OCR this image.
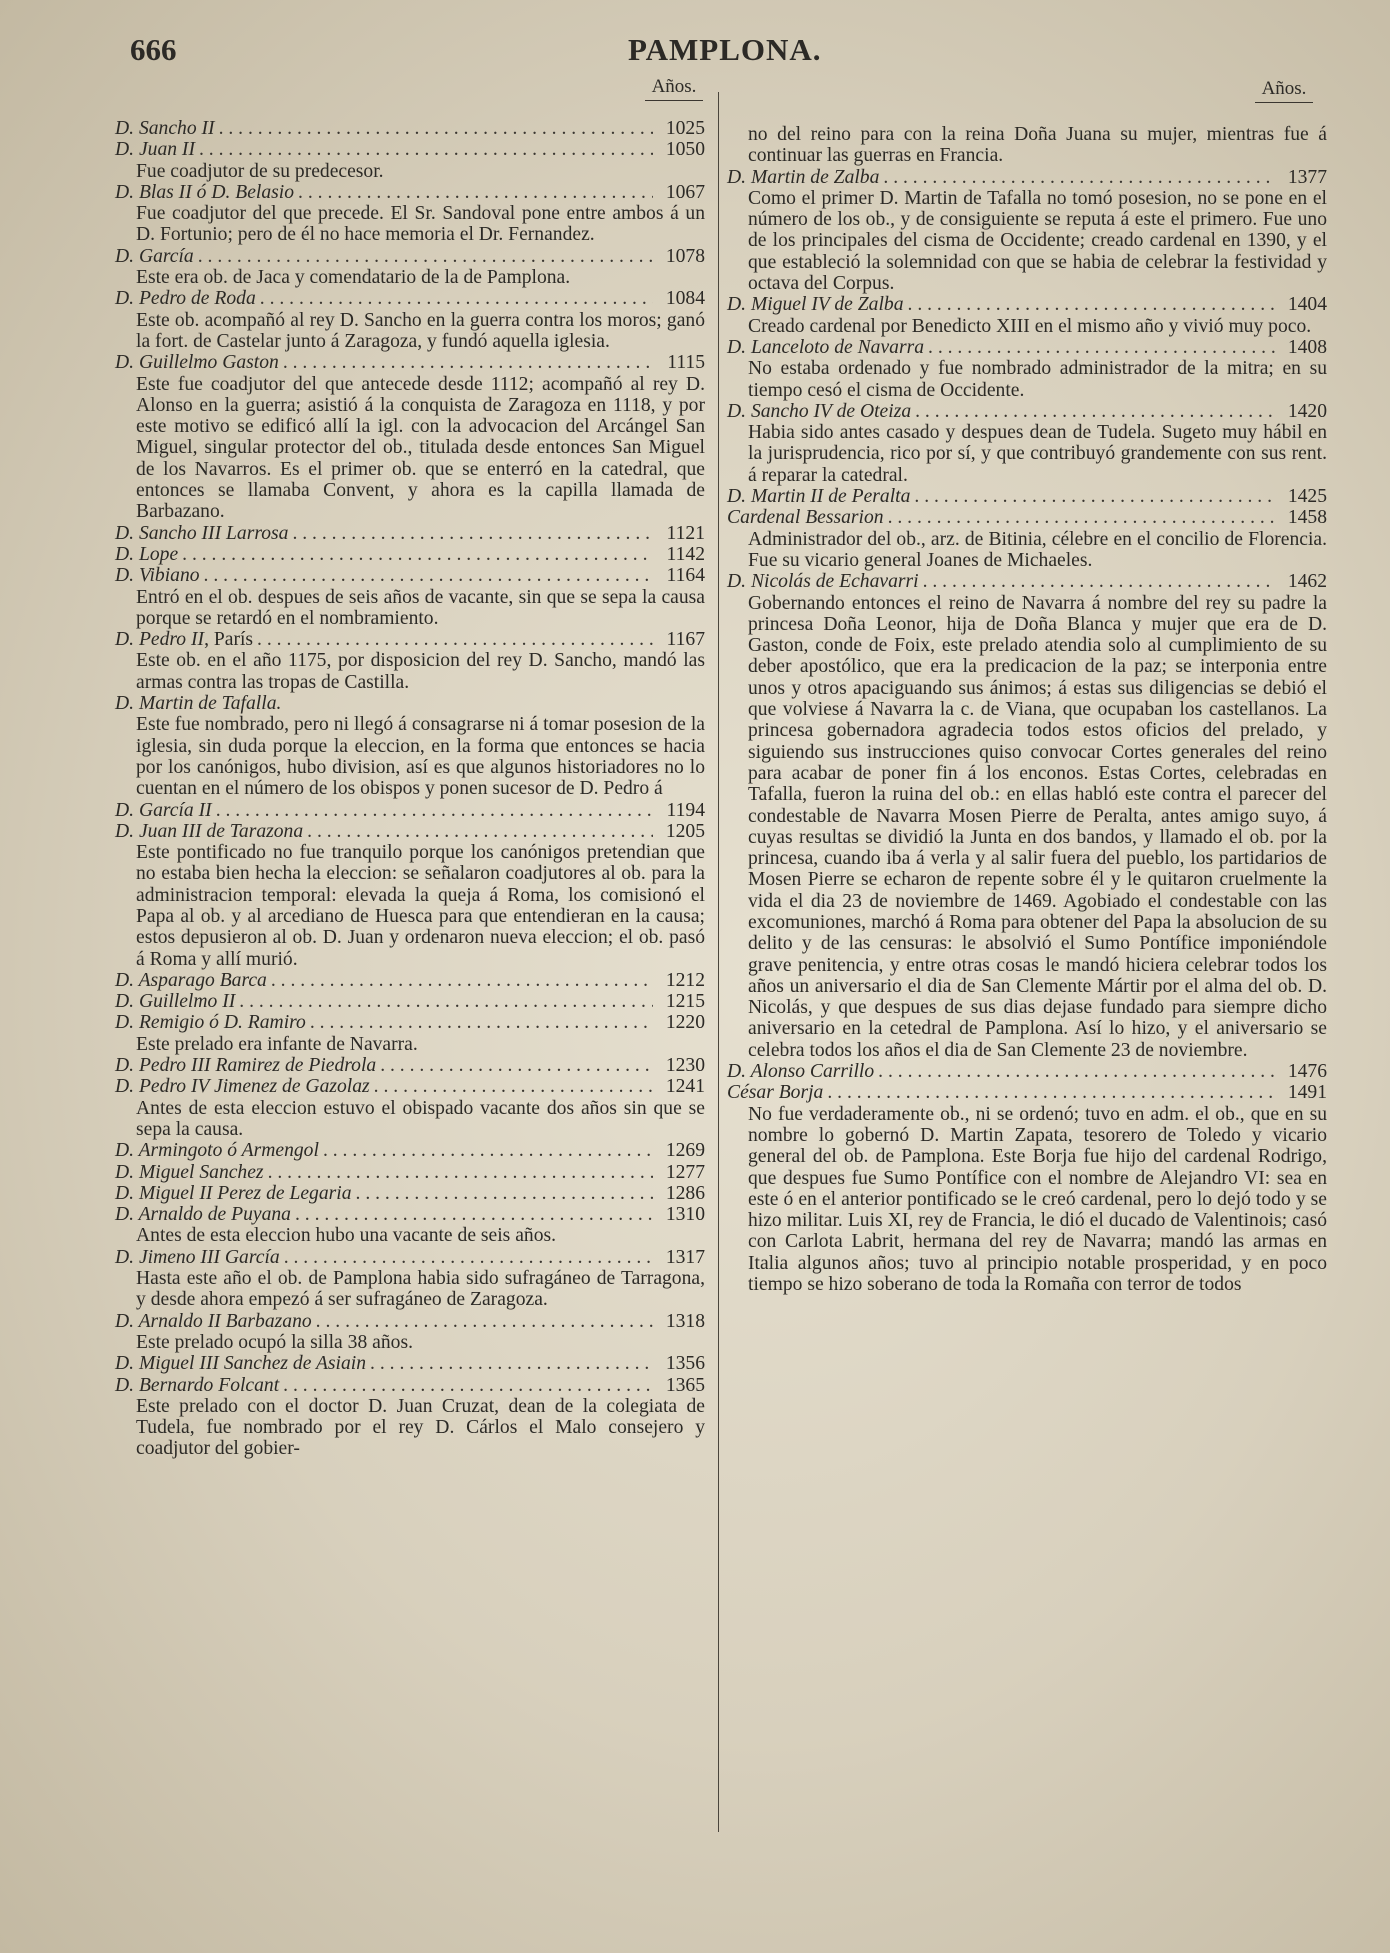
666	PAMPLONA.
Años.	Años.
D. Sancho II . . .	1025
D. Juan II . . .	1050

Fue coadjutor de su predecesor.

D. Blas II ó D. Belasio . . .	1067

Fue coadjutor del que precede. El Sr. Sandoval pone entre ambos á un D. Fortunio; pero de él no hace memoria el Dr. Fernandez.

D. García . . .	1078

Este era ob. de Jaca y comendatario de la de Pamplona.

D. Pedro de Roda . . .	1084

Este ob. acompañó al rey D. Sancho en la guerra contra los moros; ganó la fort. de Castelar junto á Zaragoza, y fundó aquella iglesia.

D. Guillelmo Gaston . . .	1115

Este fue coadjutor del que antecede desde 1112; acompañó al rey D. Alonso en la guerra; asistió á la conquista de Zaragoza en 1118, y por este motivo se edificó allí la igl. con la advocacion del Arcángel San Miguel, singular protector del ob., titulada desde entonces San Miguel de los Navarros. Es el primer ob. que se enterró en la catedral, que entonces se llamaba Convent, y ahora es la capilla llamada de Barbazano.

D. Sancho III Larrosa . . .	1121
D. Lope . . .	1142
D. Vibiano . . .	1164

Entró en el ob. despues de seis años de vacante, sin que se sepa la causa porque se retardó en el nombramiento.

D. Pedro II , París . . .	1167

Este ob. en el año 1175, por disposicion del rey D. Sancho, mandó las armas contra las tropas de Castilla.

D. Martin de Tafalla.

Este fue nombrado, pero ni llegó á consagrarse ni á tomar posesion de la iglesia, sin duda porque la eleccion, en la forma que entonces se hacia por los canónigos, hubo division, así es que algunos historiadores no lo cuentan en el número de los obispos y ponen sucesor de D. Pedro á

D. García II . . .	1194
D. Juan III de Tarazona . . .	1205

Este pontificado no fue tranquilo porque los canónigos pretendian que no estaba bien hecha la eleccion: se señalaron coadjutores al ob. para la administracion temporal: elevada la queja á Roma, los comisionó el Papa al ob. y al arcediano de Huesca para que entendieran en la causa; estos depusieron al ob. D. Juan y ordenaron nueva eleccion; el ob. pasó á Roma y allí murió.

D. Asparago Barca . . .	1212
D. Guillelmo II . . .	1215
D. Remigio ó D. Ramiro . . .	1220

Este prelado era infante de Navarra.

D. Pedro III Ramirez de Piedrola . . .	1230
D. Pedro IV Jimenez de Gazolaz . . .	1241

Antes de esta eleccion estuvo el obispado vacante dos años sin que se sepa la causa.

D. Armingoto ó Armengol . . .	1269
D. Miguel Sanchez . . .	1277
D. Miguel II Perez de Legaria . . .	1286
D. Arnaldo de Puyana . . .	1310

Antes de esta eleccion hubo una vacante de seis años.

D. Jimeno III García . . .	1317

Hasta este año el ob. de Pamplona habia sido sufragáneo de Tarragona, y desde ahora empezó á ser sufragáneo de Zaragoza.

D. Arnaldo II Barbazano . . .	1318

Este prelado ocupó la silla 38 años.

D. Miguel III Sanchez de Asiain . . .	1356
D. Bernardo Folcant . . .	1365

Este prelado con el doctor D. Juan Cruzat, dean de la colegiata de Tudela, fue nombrado por el rey D. Cárlos el Malo consejero y coadjutor del gobier-

no del reino para con la reina Doña Juana su mujer, mientras fue á continuar las guerras en Francia.

D. Martin de Zalba . . .	1377

Como el primer D. Martin de Tafalla no tomó posesion, no se pone en el número de los ob., y de consiguiente se reputa á este el primero. Fue uno de los principales del cisma de Occidente; creado cardenal en 1390, y el que estableció la solemnidad con que se habia de celebrar la festividad y octava del Corpus.

D. Miguel IV de Zalba . . .	1404

Creado cardenal por Benedicto XIII en el mismo año y vivió muy poco.

D. Lanceloto de Navarra . . .	1408

No estaba ordenado y fue nombrado administrador de la mitra; en su tiempo cesó el cisma de Occidente.

D. Sancho IV de Oteiza . . .	1420

Habia sido antes casado y despues dean de Tudela. Sugeto muy hábil en la jurisprudencia, rico por sí, y que contribuyó grandemente con sus rent. á reparar la catedral.

D. Martin II de Peralta . . .	1425
Cardenal Bessarion . . .	1458

Administrador del ob., arz. de Bitinia, célebre en el concilio de Florencia. Fue su vicario general Joanes de Michaeles.

D. Nicolás de Echavarri . . .	1462

Gobernando entonces el reino de Navarra á nombre del rey su padre la princesa Doña Leonor, hija de Doña Blanca y mujer que era de D. Gaston, conde de Foix, este prelado atendia solo al cumplimiento de su deber apostólico, que era la predicacion de la paz; se interponia entre unos y otros apaciguando sus ánimos; á estas sus diligencias se debió el que volviese á Navarra la c. de Viana, que ocupaban los castellanos. La princesa gobernadora agradecia todos estos oficios del prelado, y siguiendo sus instrucciones quiso convocar Cortes generales del reino para acabar de poner fin á los enconos. Estas Cortes, celebradas en Tafalla, fueron la ruina del ob.: en ellas habló este contra el parecer del condestable de Navarra Mosen Pierre de Peralta, antes amigo suyo, á cuyas resultas se dividió la Junta en dos bandos, y llamado el ob. por la princesa, cuando iba á verla y al salir fuera del pueblo, los partidarios de Mosen Pierre se echaron de repente sobre él y le quitaron cruelmente la vida el dia 23 de noviembre de 1469. Agobiado el condestable con las excomuniones, marchó á Roma para obtener del Papa la absolucion de su delito y de las censuras: le absolvió el Sumo Pontífice imponiéndole grave penitencia, y entre otras cosas le mandó hiciera celebrar todos los años un aniversario el dia de San Clemente Mártir por el alma del ob. D. Nicolás, y que despues de sus dias dejase fundado para siempre dicho aniversario en la cetedral de Pamplona. Así lo hizo, y el aniversario se celebra todos los años el dia de San Clemente 23 de noviembre.

D. Alonso Carrillo . . .	1476
César Borja . . .	1491

No fue verdaderamente ob., ni se ordenó; tuvo en adm. el ob., que en su nombre lo gobernó D. Martin Zapata, tesorero de Toledo y vicario general del ob. de Pamplona. Este Borja fue hijo del cardenal Rodrigo, que despues fue Sumo Pontífice con el nombre de Alejandro VI: sea en este ó en el anterior pontificado se le creó cardenal, pero lo dejó todo y se hizo militar. Luis XI, rey de Francia, le dió el ducado de Valentinois; casó con Carlota Labrit, hermana del rey de Navarra; mandó las armas en Italia algunos años; tuvo al principio notable prosperidad, y en poco tiempo se hizo soberano de toda la Romaña con terror de todos
